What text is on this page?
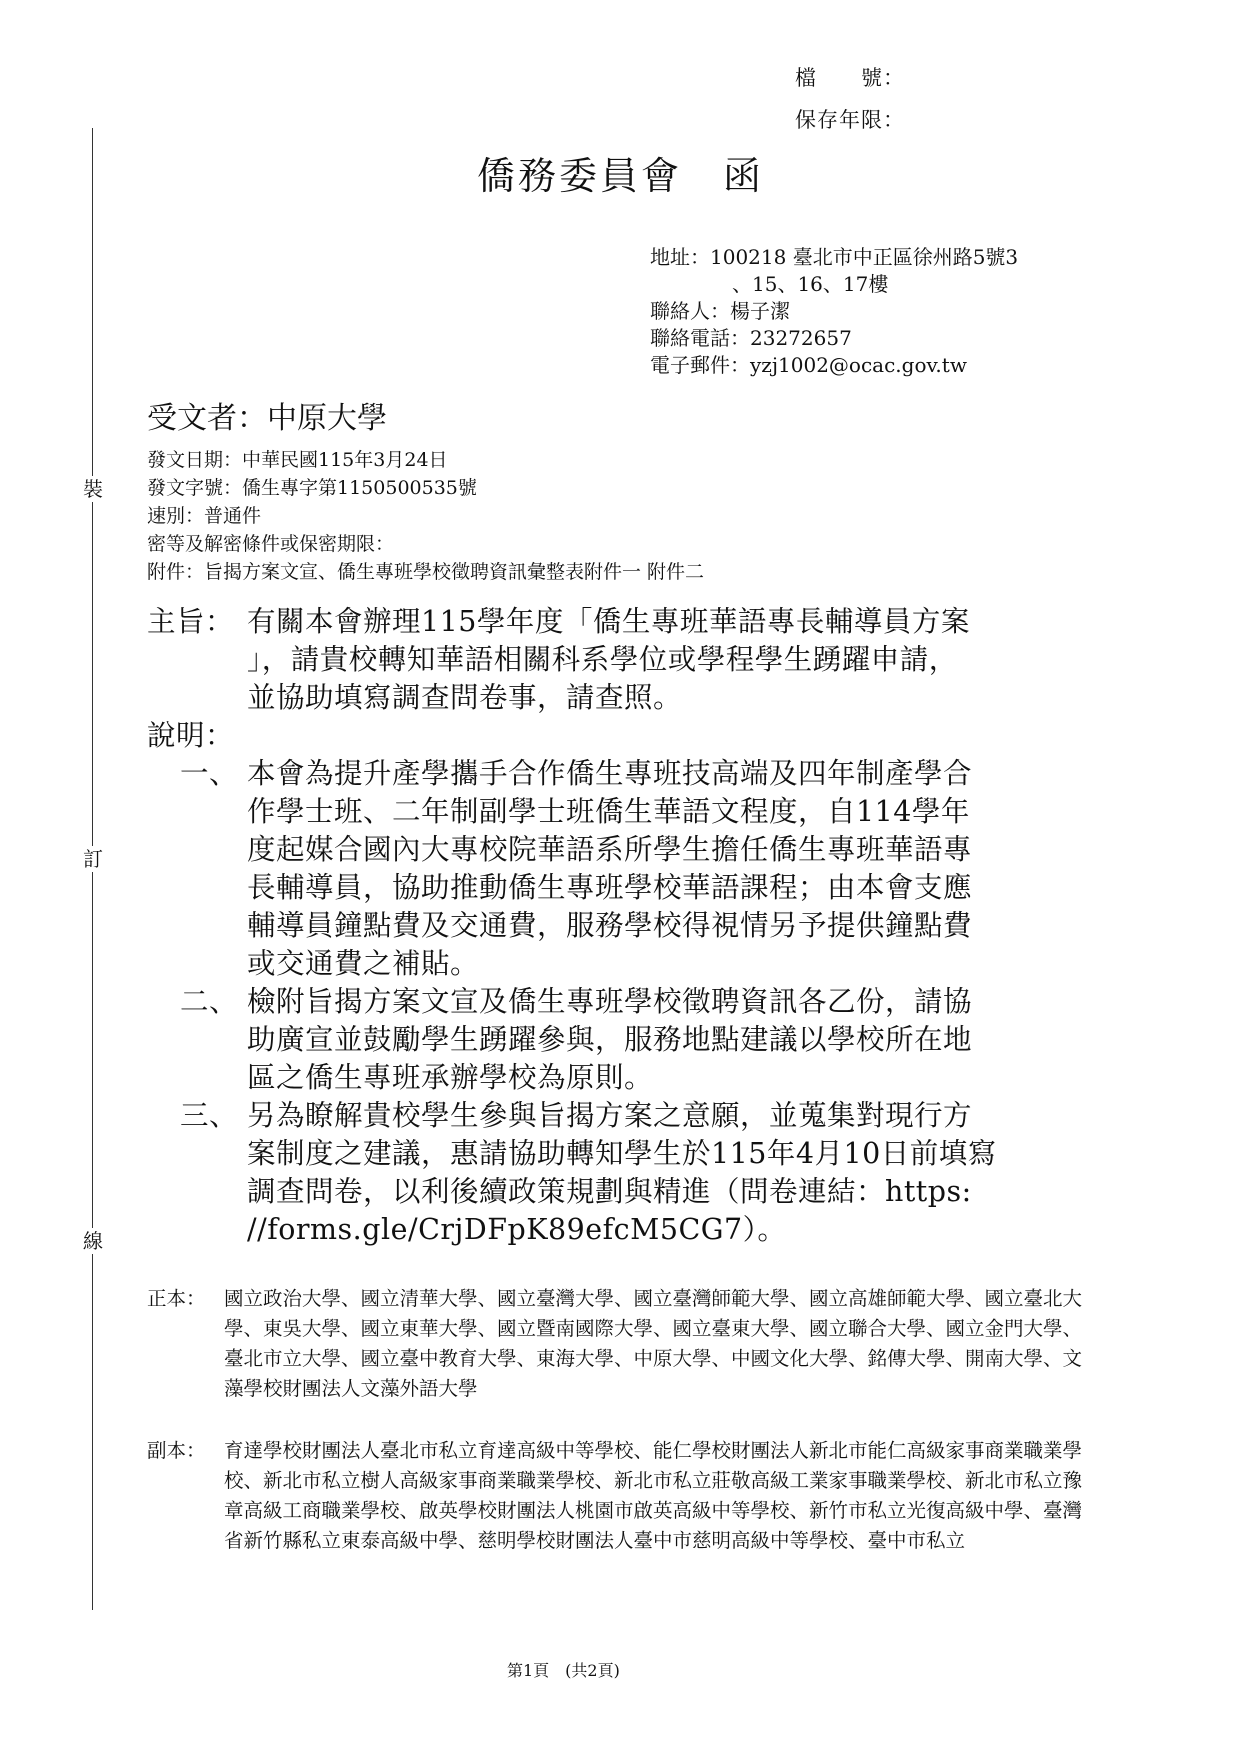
裝
訂
線
檔　　號：
保存年限：
僑務委員會　函
地址：100218 臺北市中正區徐州路5號3
、15、16、17樓
聯絡人：楊子潔
聯絡電話：23272657
電子郵件：yzj1002@ocac.gov.tw
受文者：中原大學
發文日期：中華民國115年3月24日
發文字號：僑生專字第1150500535號
速別：普通件
密等及解密條件或保密期限：
附件：旨揭方案文宣、僑生專班學校徵聘資訊彙整表附件一 附件二
主旨： 有關本會辦理115學年度「僑生專班華語專長輔導員方案
」，請貴校轉知華語相關科系學位或學程學生踴躍申請，
並協助填寫調查問卷事，請查照。
說明：
一、 本會為提升產學攜手合作僑生專班技高端及四年制產學合
作學士班、二年制副學士班僑生華語文程度，自114學年
度起媒合國內大專校院華語系所學生擔任僑生專班華語專
長輔導員，協助推動僑生專班學校華語課程；由本會支應
輔導員鐘點費及交通費，服務學校得視情另予提供鐘點費
或交通費之補貼。
二、 檢附旨揭方案文宣及僑生專班學校徵聘資訊各乙份，請協
助廣宣並鼓勵學生踴躍參與，服務地點建議以學校所在地
區之僑生專班承辦學校為原則。
三、 另為瞭解貴校學生參與旨揭方案之意願，並蒐集對現行方
案制度之建議，惠請協助轉知學生於115年4月10日前填寫
調查問卷，以利後續政策規劃與精進（問卷連結：https:
//forms.gle/CrjDFpK89efcM5CG7）。
正本： 國立政治大學、國立清華大學、國立臺灣大學、國立臺灣師範大學、國立高雄師範大學、國立臺北大學、東吳大學、國立東華大學、國立暨南國際大學、國立臺東大學、國立聯合大學、國立金門大學、臺北市立大學、國立臺中教育大學、東海大學、中原大學、中國文化大學、銘傳大學、開南大學、文藻學校財團法人文藻外語大學
副本： 育達學校財團法人臺北市私立育達高級中等學校、能仁學校財團法人新北市能仁高級家事商業職業學校、新北市私立樹人高級家事商業職業學校、新北市私立莊敬高級工業家事職業學校、新北市私立豫章高級工商職業學校、啟英學校財團法人桃園市啟英高級中等學校、新竹市私立光復高級中學、臺灣省新竹縣私立東泰高級中學、慈明學校財團法人臺中市慈明高級中等學校、臺中市私立
第1頁　(共2頁)
